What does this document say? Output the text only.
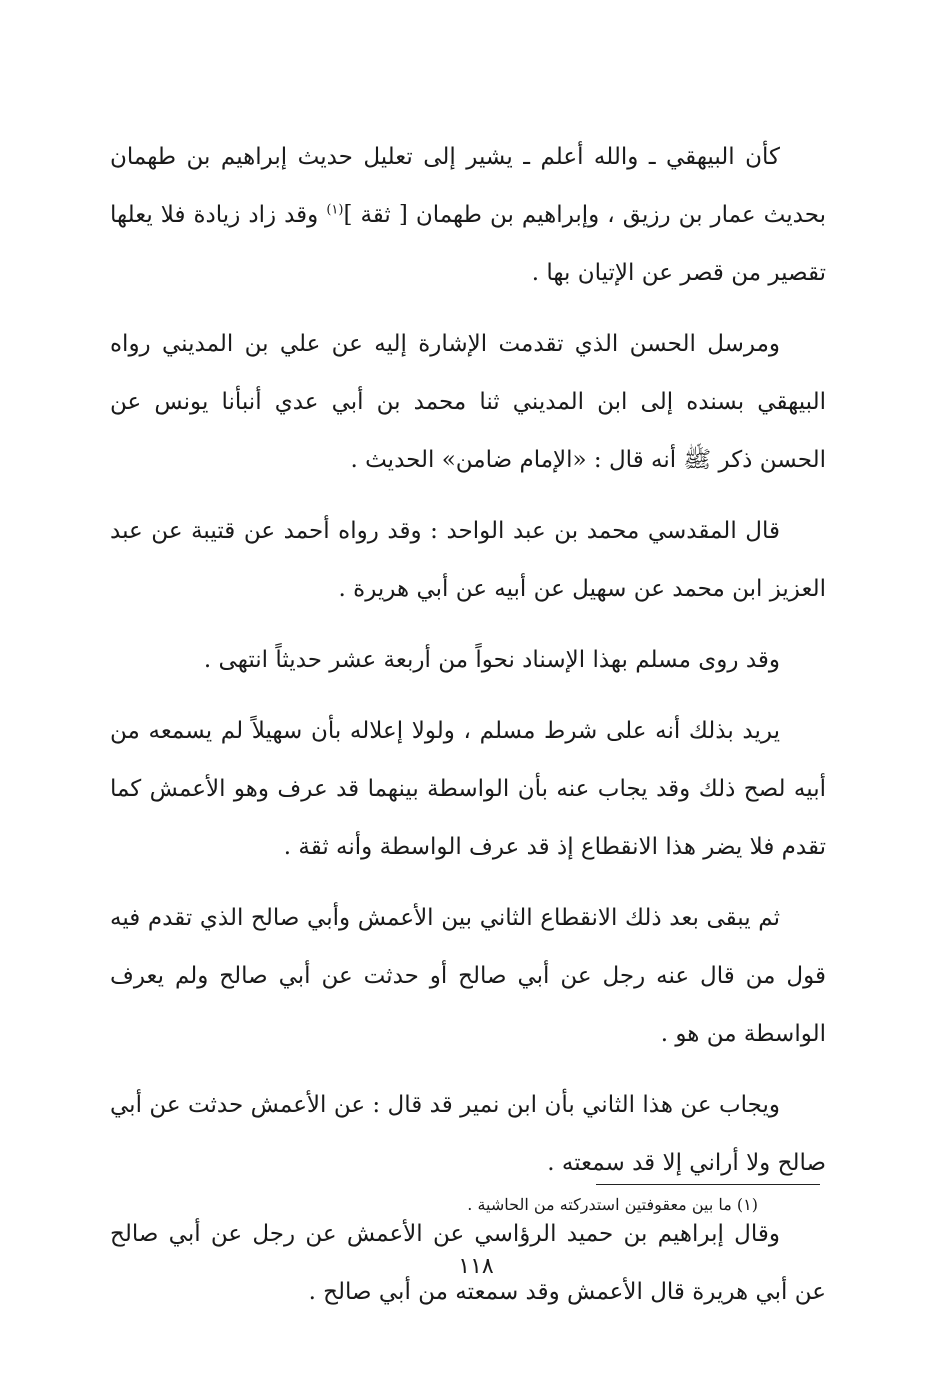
كأن البيهقي ـ والله أعلم ـ يشير إلى تعليل حديث إبراهيم بن طهمان بحديث عمار بن رزيق ، وإبراهيم بن طهمان [ ثقة ]$^{(١)}$ وقد زاد زيادة فلا يعلها تقصير من قصر عن الإتيان بها .

ومرسل الحسن الذي تقدمت الإشارة إليه عن علي بن المديني رواه البيهقي بسنده إلى ابن المديني ثنا محمد بن أبي عدي أنبأنا يونس عن الحسن ذكر ﷺ أنه قال : «الإمام ضامن» الحديث .

قال المقدسي محمد بن عبد الواحد : وقد رواه أحمد عن قتيبة عن عبد العزيز ابن محمد عن سهيل عن أبيه عن أبي هريرة .

وقد روى مسلم بهذا الإسناد نحواً من أربعة عشر حديثاً انتهى .

يريد بذلك أنه على شرط مسلم ، ولولا إعلاله بأن سهيلاً لم يسمعه من أبيه لصح ذلك وقد يجاب عنه بأن الواسطة بينهما قد عرف وهو الأعمش كما تقدم فلا يضر هذا الانقطاع إذ قد عرف الواسطة وأنه ثقة .

ثم يبقى بعد ذلك الانقطاع الثاني بين الأعمش وأبي صالح الذي تقدم فيه قول من قال عنه رجل عن أبي صالح أو حدثت عن أبي صالح ولم يعرف الواسطة من هو .

ويجاب عن هذا الثاني بأن ابن نمير قد قال : عن الأعمش حدثت عن أبي صالح ولا أراني إلا قد سمعته .

وقال إبراهيم بن حميد الرؤاسي عن الأعمش عن رجل عن أبي صالح عن أبي هريرة قال الأعمش وقد سمعته من أبي صالح .

(١) ما بين معقوفتين استدركته من الحاشية .
١١٨
